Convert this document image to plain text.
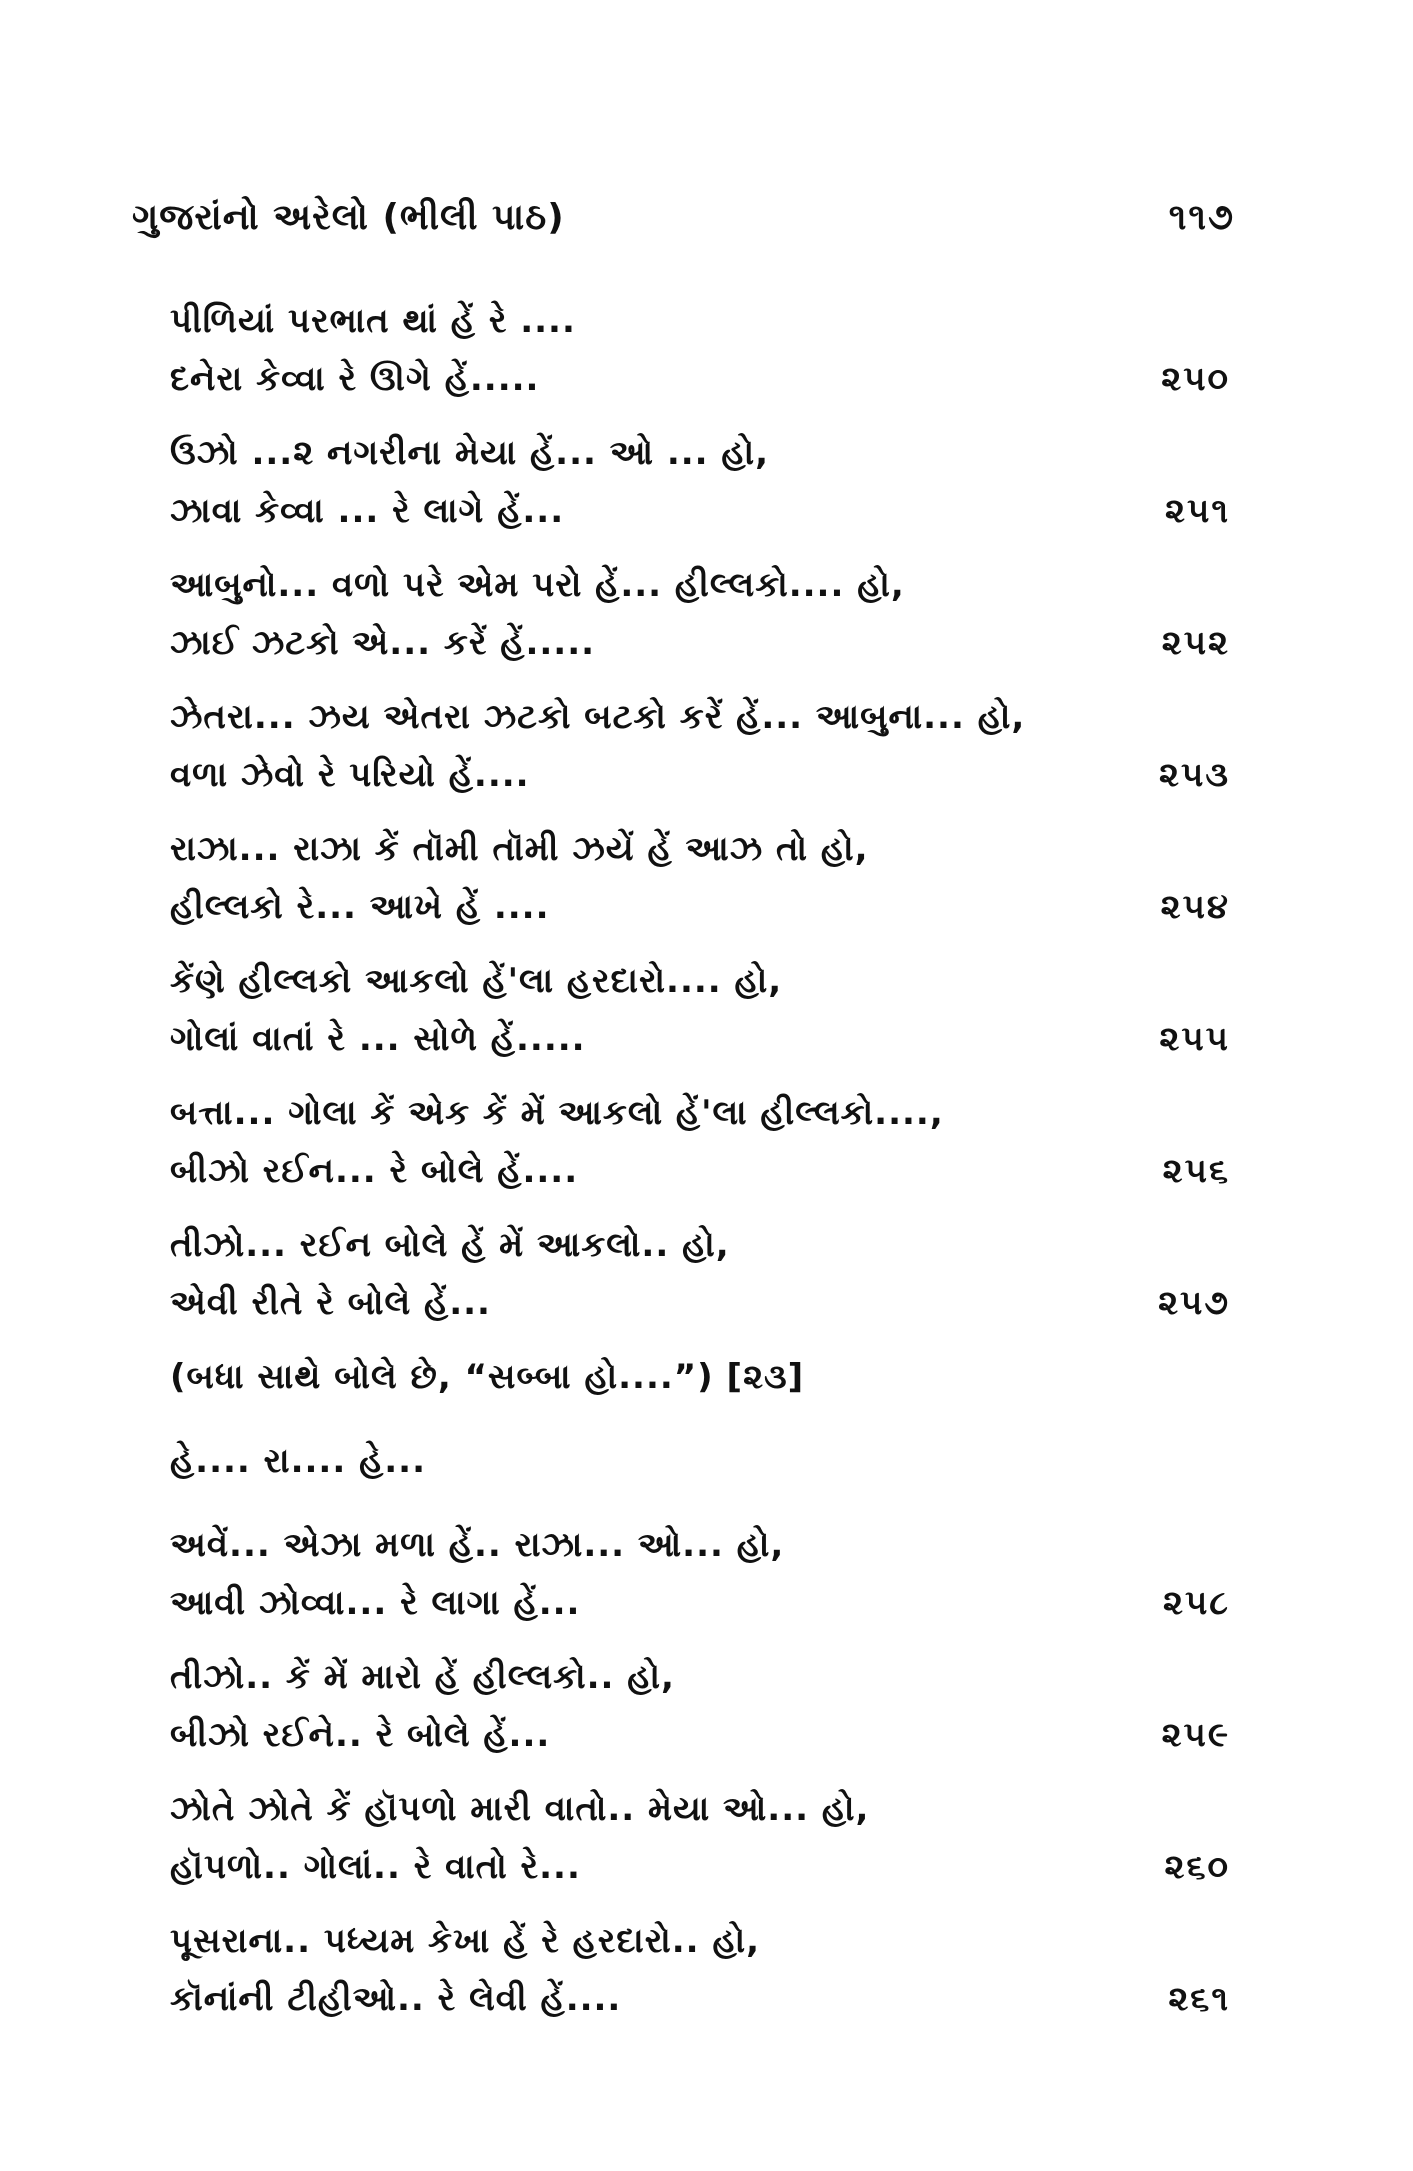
ગુજરાંનો અરેલો (ભીલી પાઠ)	૧૧૭
પીળિયાં પરભાત થાં હેં રે ....
દનેરા કેવ્વા રે ઊગે હેં.....	૨૫૦
ઉઝો ...૨ નગરીના મેયા હેં... ઓ ... હો,
ઝાવા કેવ્વા ... રે લાગે હેં...	૨૫૧
આબુનો... વળો પરે એમ પરો હેં... હીલ્લકો.... હો,
ઝાઈ ઝટકો એ... કરેં હેં.....	૨૫૨
ઝેતરા... ઝય એતરા ઝટકો બટકો કરેં હેં... આબુના... હો,
વળા ઝેવો રે પરિયો હેં....	૨૫૩
રાઝા... રાઝા કેં તૉમી તૉમી ઝયેં હેં આઝ તો હો,
હીલ્લકો રે... આખે હેં ....	૨૫૪
કેંણે હીલ્લકો આકલો હેં'લા હરદારો.... હો,
ગોલાં વાતાં રે ... સોળે હેં.....	૨૫૫
બત્તા... ગોલા કેં એક કેં મેં આકલો હેં'લા હીલ્લકો....,
બીઝો રઈન... રે બોલે હેં....	૨૫૬
તીઝો... રઈન બોલે હેં મેં આકલો.. હો,
એવી રીતે રે બોલે હેં...	૨૫૭
(બધા સાથે બોલે છે, “સબ્બા હો....”) [૨૩]
હે.... રા.... હે...
અવેં... એઝા મળા હેં.. રાઝા... ઓ... હો,
આવી ઝોવ્વા... રે લાગા હેં...	૨૫૮
તીઝો.. કેં મેં મારો હેં હીલ્લકો.. હો,
બીઝો રઈને.. રે બોલે હેં...	૨૫૯
ઝોતે ઝોતે કેં હૉપળો મારી વાતો.. મેયા ઓ... હો,
હૉપળો.. ગોલાં.. રે વાતો રે...	૨૬૦
પૂસરાના.. પધ્યમ કેખા હેં રે હરદારો.. હો,
કૉનાંની ટીહીઓ.. રે લેવી હેં....	૨૬૧
